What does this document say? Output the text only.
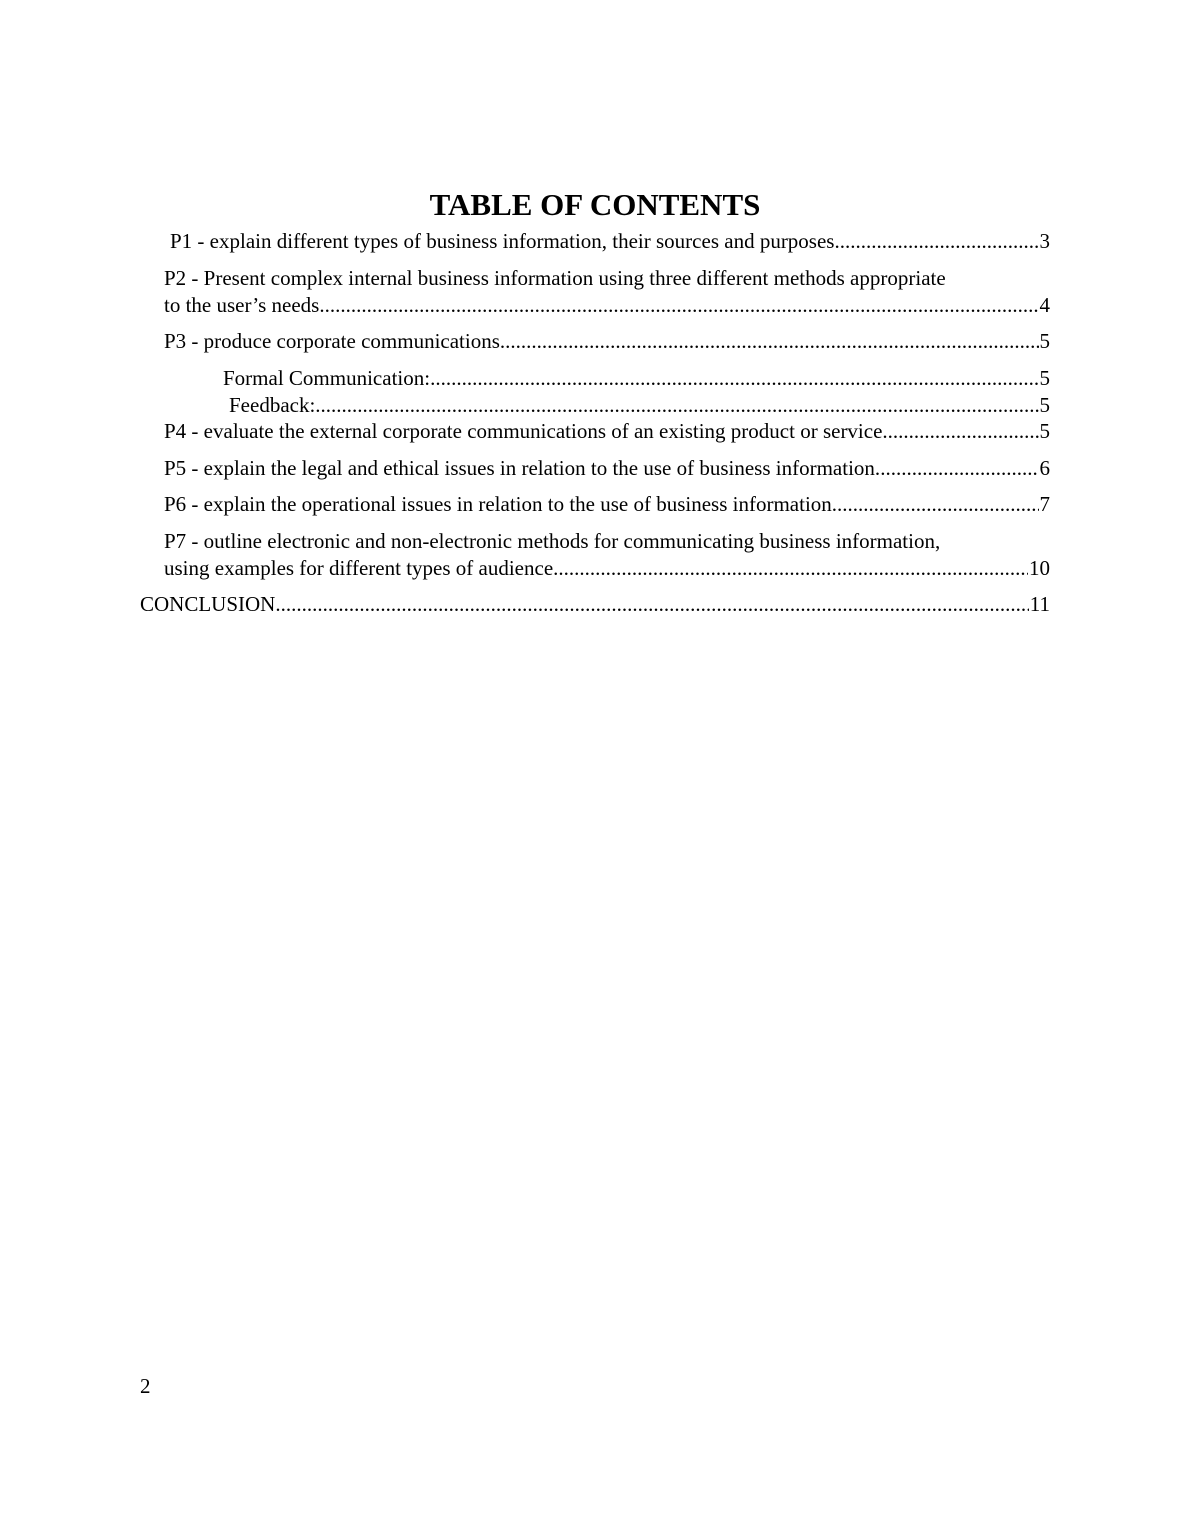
TABLE OF CONTENTS
P1 - explain different types of business information, their sources and purposes .....	3
P2 - Present complex internal business information using three different methods appropriate
to the user’s needs .....	4
P3 - produce corporate communications .....	5
Formal Communication: .....	5
Feedback: .....	5
P4 - evaluate the external corporate communications of an existing product or service .....	5
P5 - explain the legal and ethical issues in relation to the use of business information. .....	6
P6 - explain the operational issues in relation to the use of business information .....	7
P7 - outline electronic and non-electronic methods for communicating business information,
using examples for different types of audience. .....	10
CONCLUSION .....	11
2
